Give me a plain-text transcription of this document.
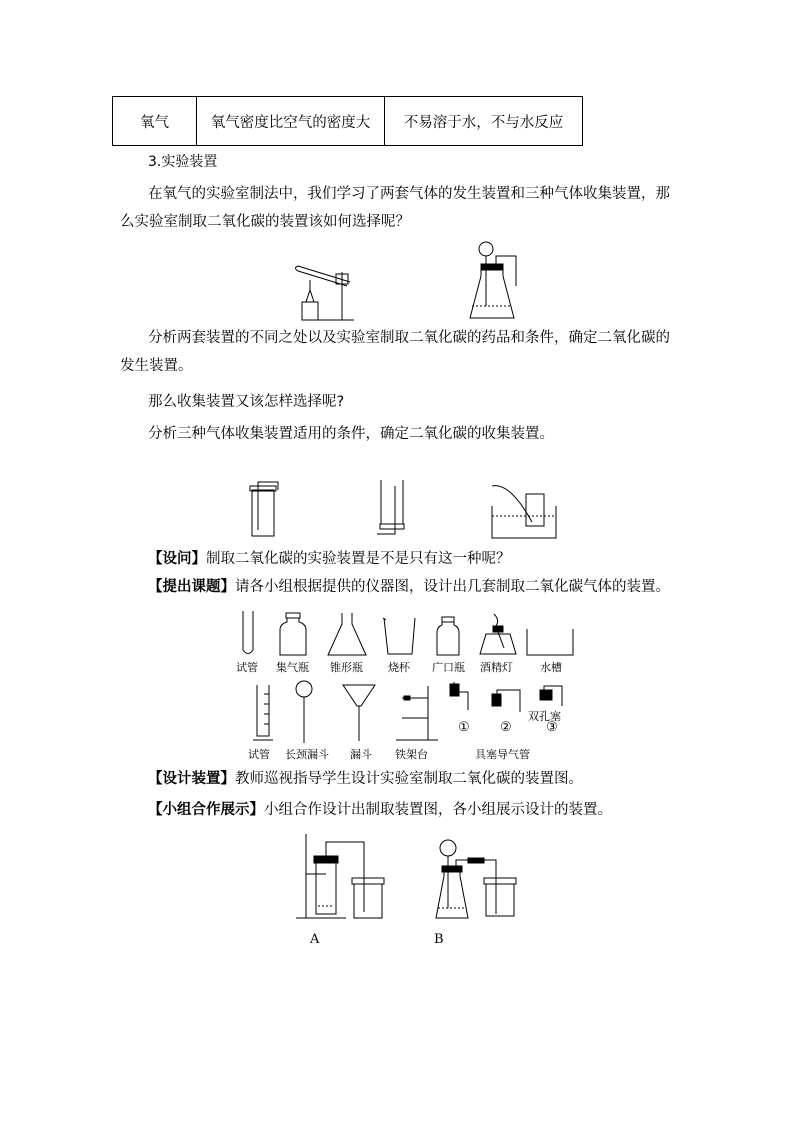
氧气	氧气密度比空气的密度大	不易溶于水，不与水反应
3.实验装置
在氧气的实验室制法中，我们学习了两套气体的发生装置和三种气体收集装置，那么实验室制取二氧化碳的装置该如何选择呢？
分析两套装置的不同之处以及实验室制取二氧化碳的药品和条件，确定二氧化碳的发生装置。
那么收集装置又该怎样选择呢?
分析三种气体收集装置适用的条件，确定二氧化碳的收集装置。
【设问】制取二氧化碳的实验装置是不是只有这一种呢？
【提出课题】请各小组根据提供的仪器图，设计出几套制取二氧化碳气体的装置。
试管 集气瓶 锥形瓶 烧杯 广口瓶 酒精灯 水槽
① ②
双孔塞
③
试管 长颈漏斗 漏斗 铁架台	具塞导气管
【设计装置】教师巡视指导学生设计实验室制取二氧化碳的装置图。
【小组合作展示】小组合作设计出制取装置图，各小组展示设计的装置。
A	B
